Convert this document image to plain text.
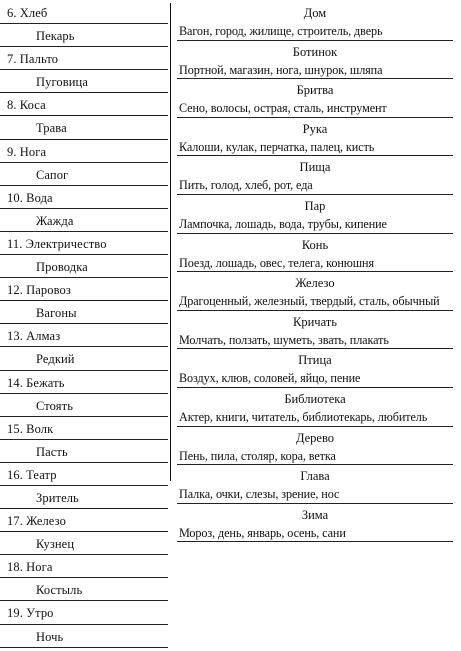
6. Хлеб
Пекарь
7. Пальто
Пуговица
8. Коса
Трава
9. Нога
Сапог
10. Вода
Жажда
11. Электричество
Проводка
12. Паровоз
Вагоны
13. Алмаз
Редкий
14. Бежать
Стоять
15. Волк
Пасть
16. Театр
Зритель
17. Железо
Кузнец
18. Нога
Костыль
19. Утро
Ночь
Дом
Вагон, город, жилище, строитель, дверь
Ботинок
Портной, магазин, нога, шнурок, шляпа
Бритва
Сено, волосы, острая, сталь, инструмент
Рука
Калоши, кулак, перчатка, палец, кисть
Пища
Пить, голод, хлеб, рот, еда
Пар
Лампочка, лошадь, вода, трубы, кипение
Конь
Поезд, лошадь, овес, телега, конюшня
Железо
Драгоценный, железный, твердый, сталь, обычный
Кричать
Молчать, ползать, шуметь, звать, плакать
Птица
Воздух, клюв, соловей, яйцо, пение
Библиотека
Актер, книги, читатель, библиотекарь, любитель
Дерево
Пень, пила, столяр, кора, ветка
Глава
Палка, очки, слезы, зрение, нос
Зима
Мороз, день, январь, осень, сани
